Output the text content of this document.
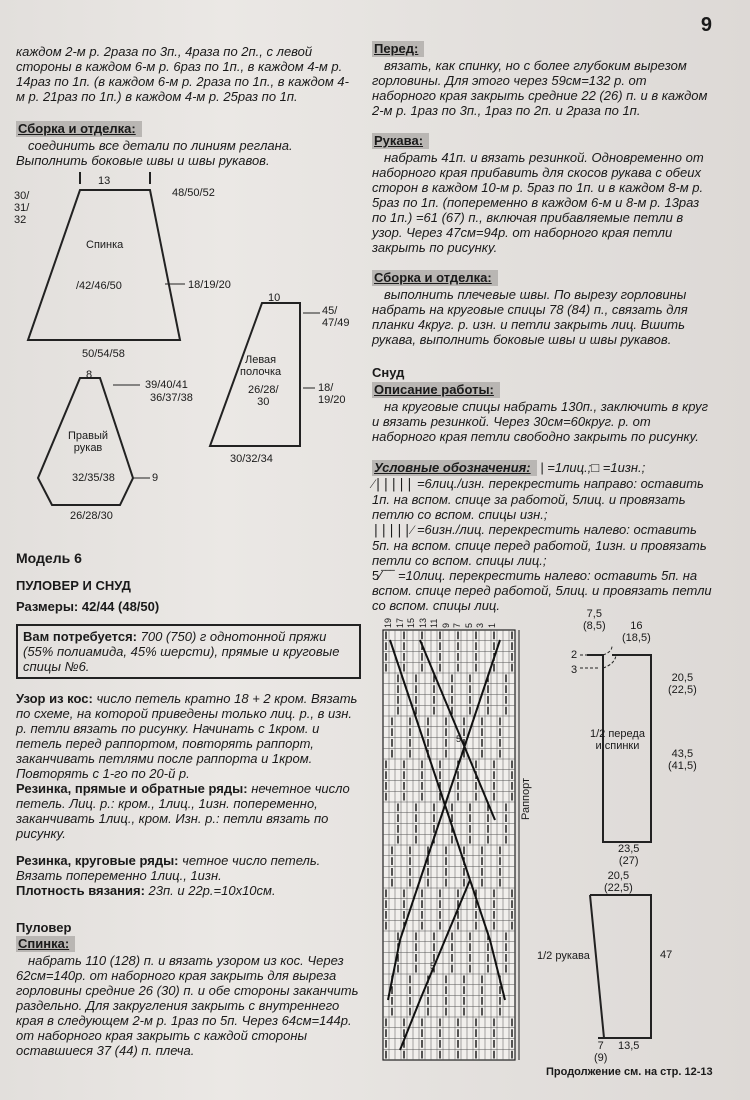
9

каждом 2-м р. 2раза по 3п., 4раза по 2п., с левой стороны в каждом 6-м р. 6раз по 1п., в каждом 4-м р. 14раз по 1п. (в каждом 6-м р. 2раза по 1п., в каждом 4-м р. 21раз по 1п.) в каждом 4-м р. 25раз по 1п.

Сборка и отделка:

соединить все детали по линиям реглана. Выполнить боковые швы и швы рукавов.

30/
31/
32
13
48/50/52
Спинка
/42/46/50	18/19/20
50/54/58
10
45/
47/49
Левая
полочка
26/28/
30
18/
19/20
30/32/34
8
39/40/41
36/37/38
Правый
рукав
32/35/38	9
26/28/30

Модель 6

ПУЛОВЕР И СНУД

Размеры: 42/44 (48/50)

Вам потребуется: 700 (750) г однотонной пряжи (55% полиамида, 45% шерсти), прямые и круговые спицы №6.

Узор из кос: число петель кратно 18 + 2 кром. Вязать по схеме, на которой приведены только лиц. р., в изн. р. петли вязать по рисунку. Начинать с 1кром. и петель перед раппортом, повторять раппорт, заканчивать петлями после раппорта и 1кром. Повторять с 1-го по 20-й р.

Резинка, прямые и обратные ряды: нечетное число петель. Лиц. р.: кром., 1лиц., 1изн. попеременно, заканчивать 1лиц., кром. Изн. р.: петли вязать по рисунку.

Резинка, круговые ряды: четное число петель. Вязать попеременно 1лиц., 1изн.

Плотность вязания: 23п. и 22р.=10х10см.

Пуловер

Спинка:

набрать 110 (128) п. и вязать узором из кос. Через 62см=140р. от наборного края закрыть для выреза горловины средние 26 (30) п. и обе стороны заканчить раздельно. Для закругления закрыть с внутреннего края в следующем 2-м р. 1раз по 5п. Через 64см=144р. от наборного края закрыть с каждой стороны оставшиеся 37 (44) п. плеча.

Перед:

вязать, как спинку, но с более глубоким вырезом горловины. Для этого через 59см=132 р. от наборного края закрыть средние 22 (26) п. и в каждом 2-м р. 1раз по 3п., 1раз по 2п. и 2раза по 1п.

Рукава:

набрать 41п. и вязать резинкой. Одновременно от наборного края прибавить для скосов рукава с обеих сторон в каждом 10-м р. 5раз по 1п. и в каждом 8-м р. 5раз по 1п. (попеременно в каждом 6-м и 8-м р. 13раз по 1п.) =61 (67) п., включая прибавляемые петли в узор. Через 47см=94р. от наборного края петли закрыть по рисунку.

Сборка и отделка:

выполнить плечевые швы. По вырезу горловины набрать на круговые спицы 78 (84) п., связать для планки 4круг. р. изн. и петли закрыть лиц. Вшить рукава, выполнить боковые швы и швы рукавов.

Снуд

Описание работы:

на круговые спицы набрать 130п., заключить в круг и вязать резинкой. Через 30см=60круг. р. от наборного края петли свободно закрыть по рисунку.

Условные обозначения: | =1лиц.;□ =1изн.;

⁄||||| =6лиц./изн. перекрестить направо: оставить 1п. на вспом. спице за работой, 5лиц. и провязать петлю со вспом. спицы изн.;

|||||⁄ =6изн./лиц. перекрестить налево: оставить 5п. на вспом. спице перед работой, 1изн. и провязать петли со вспом. спицы лиц.;

5⁄‾‾‾ =10лиц. перекрестить налево: оставить 5п. на вспом. спице перед работой, 5лиц. и провязать петли со вспом. спицы лиц.

19 17 15 13 11 9 7 5 3 1
Раппорт
5
5
7,5
(8,5)	16
(18,5)
2
3
20,5
(22,5)
1/2 переда
и спинки
43,5
(41,5)
23,5
(27)
20,5
(22,5)
1/2 рукава	47
7
(9)
13,5
Продолжение см. на стр. 12-13
